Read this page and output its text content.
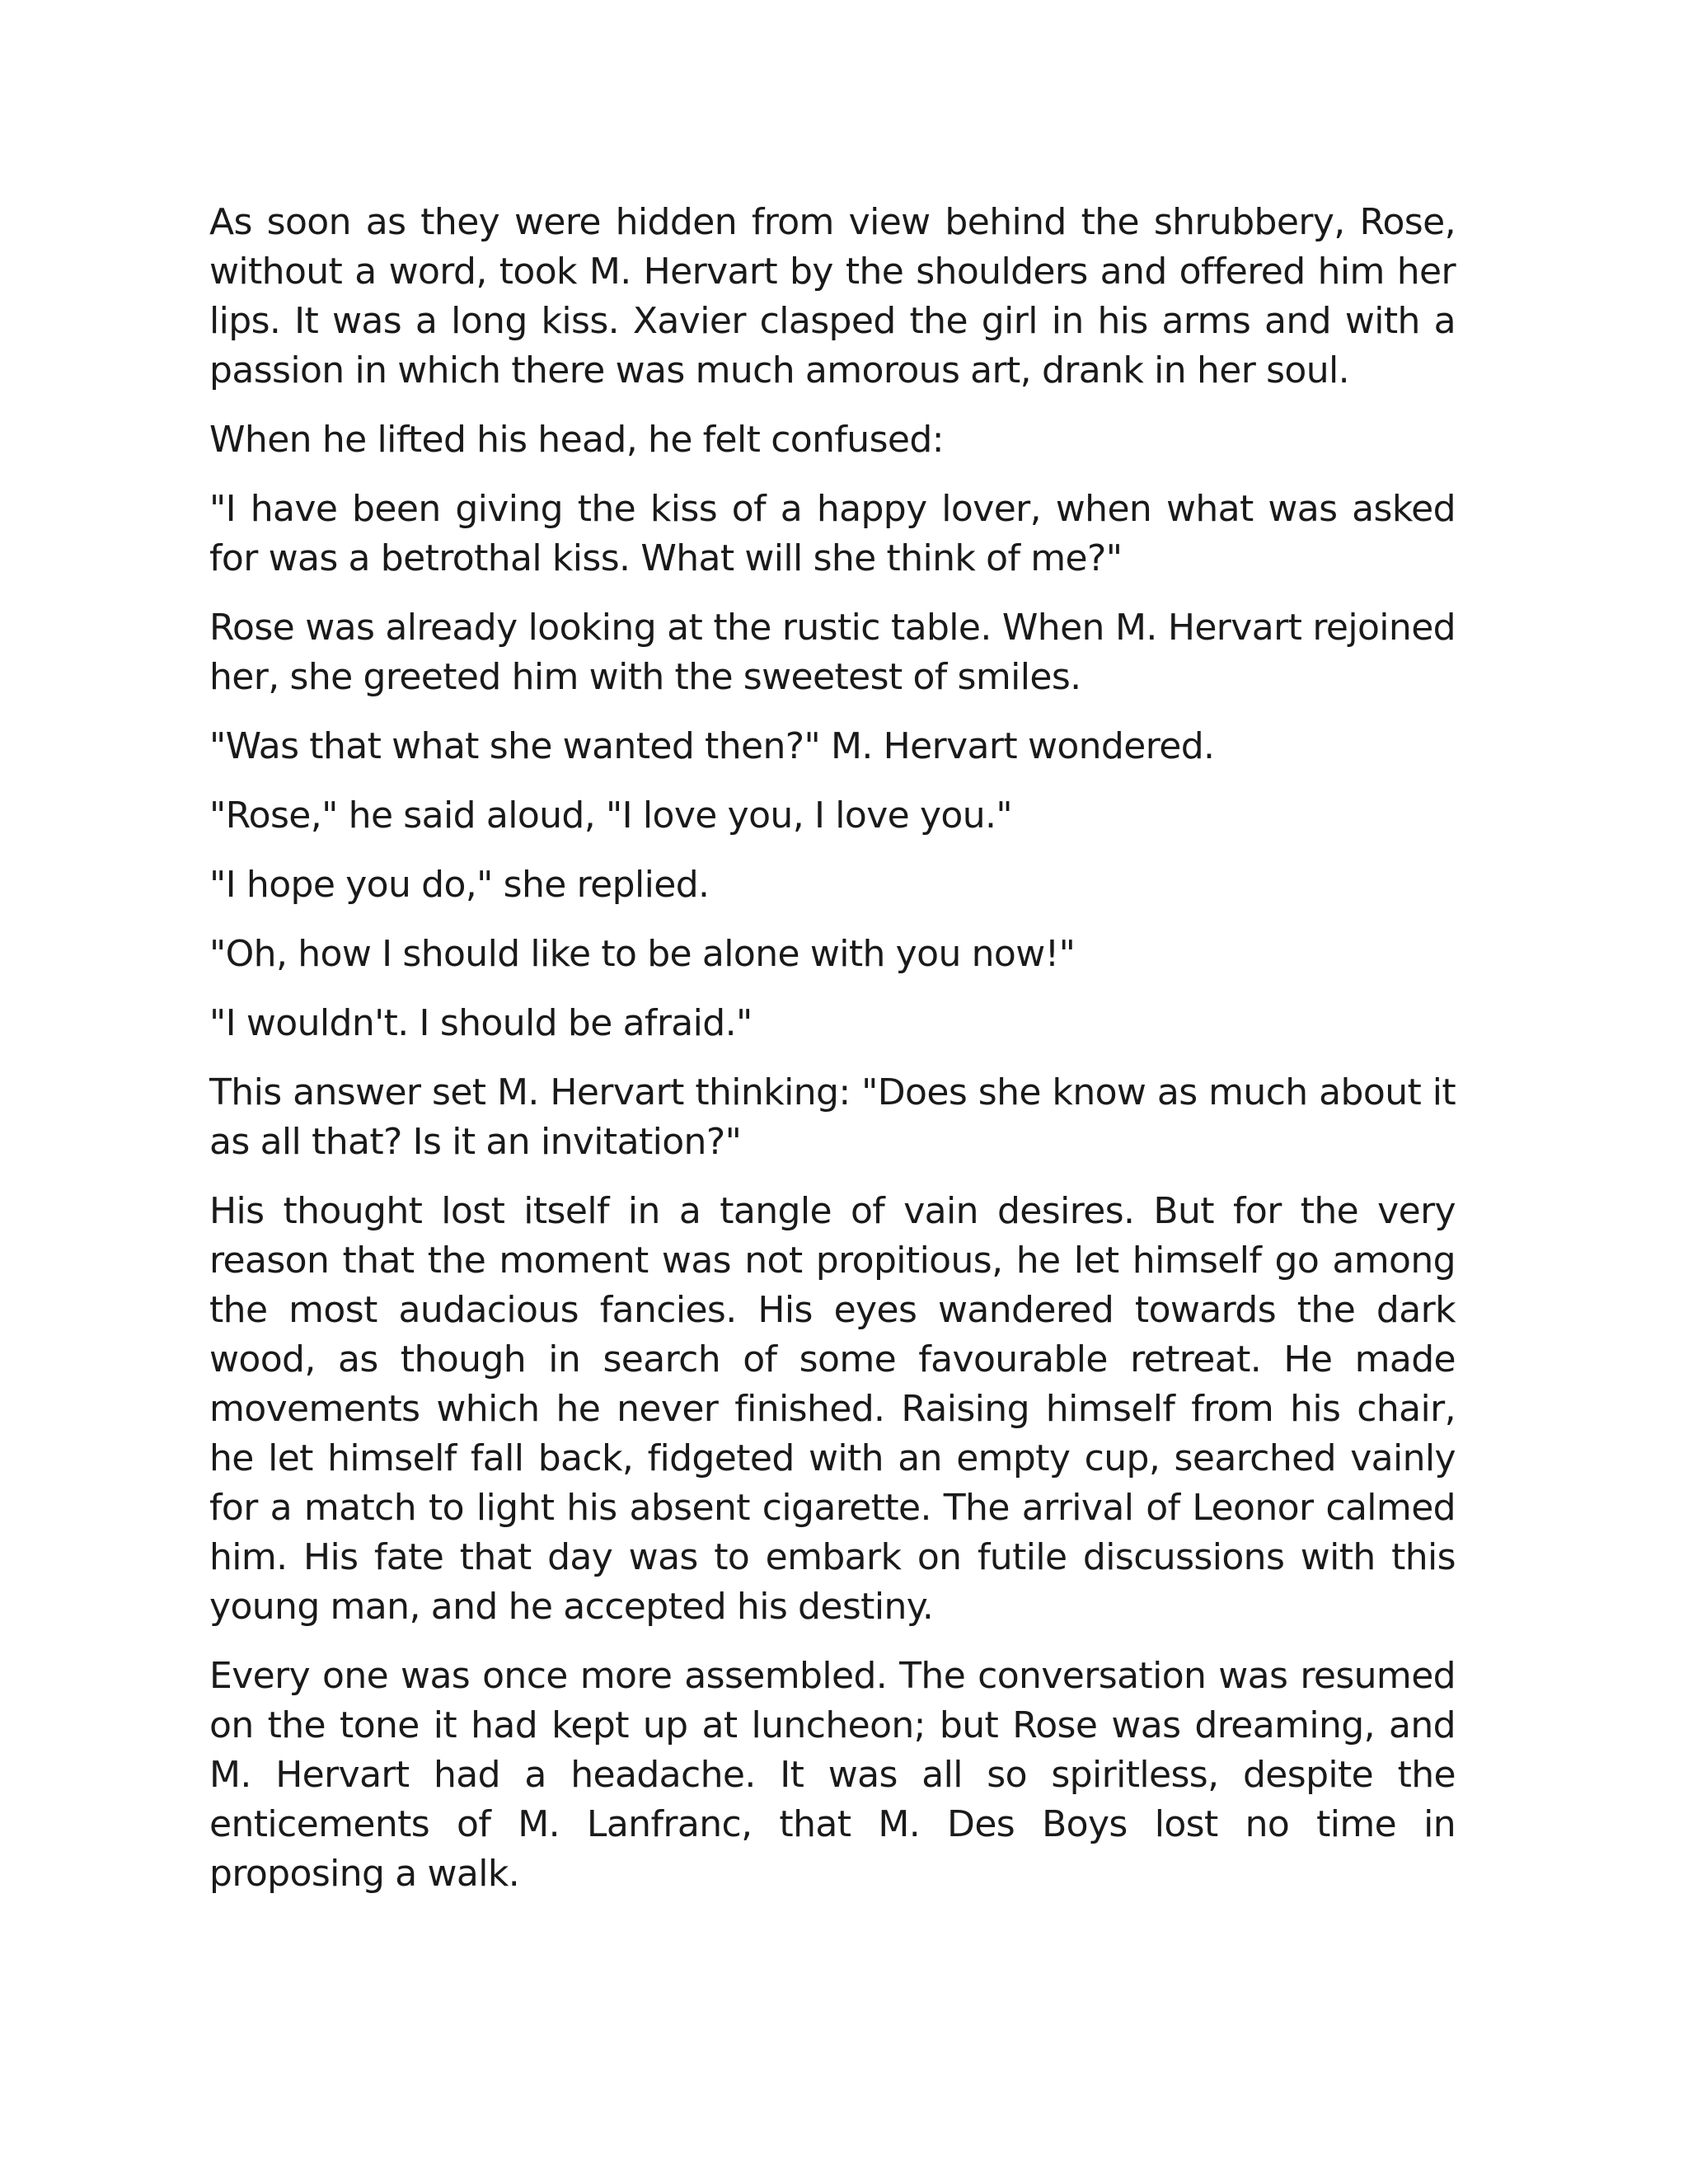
As soon as they were hidden from view behind the shrubbery, Rose, without a word, took M. Hervart by the shoulders and offered him her lips. It was a long kiss. Xavier clasped the girl in his arms and with a passion in which there was much amorous art, drank in her soul.

When he lifted his head, he felt confused:

"I have been giving the kiss of a happy lover, when what was asked for was a betrothal kiss. What will she think of me?"

Rose was already looking at the rustic table. When M. Hervart rejoined her, she greeted him with the sweetest of smiles.

"Was that what she wanted then?" M. Hervart wondered.

"Rose," he said aloud, "I love you, I love you."

"I hope you do," she replied.

"Oh, how I should like to be alone with you now!"

"I wouldn't. I should be afraid."

This answer set M. Hervart thinking: "Does she know as much about it as all that? Is it an invitation?"

His thought lost itself in a tangle of vain desires. But for the very reason that the moment was not propitious, he let himself go among the most audacious fancies. His eyes wandered towards the dark wood, as though in search of some favourable retreat. He made movements which he never finished. Raising himself from his chair, he let himself fall back, fidgeted with an empty cup, searched vainly for a match to light his absent cigarette. The arrival of Leonor calmed him. His fate that day was to embark on futile discussions with this young man, and he accepted his destiny.

Every one was once more assembled. The conversation was resumed on the tone it had kept up at luncheon; but Rose was dreaming, and M. Hervart had a headache. It was all so spiritless, despite the enticements of M. Lanfranc, that M. Des Boys lost no time in proposing a walk.
